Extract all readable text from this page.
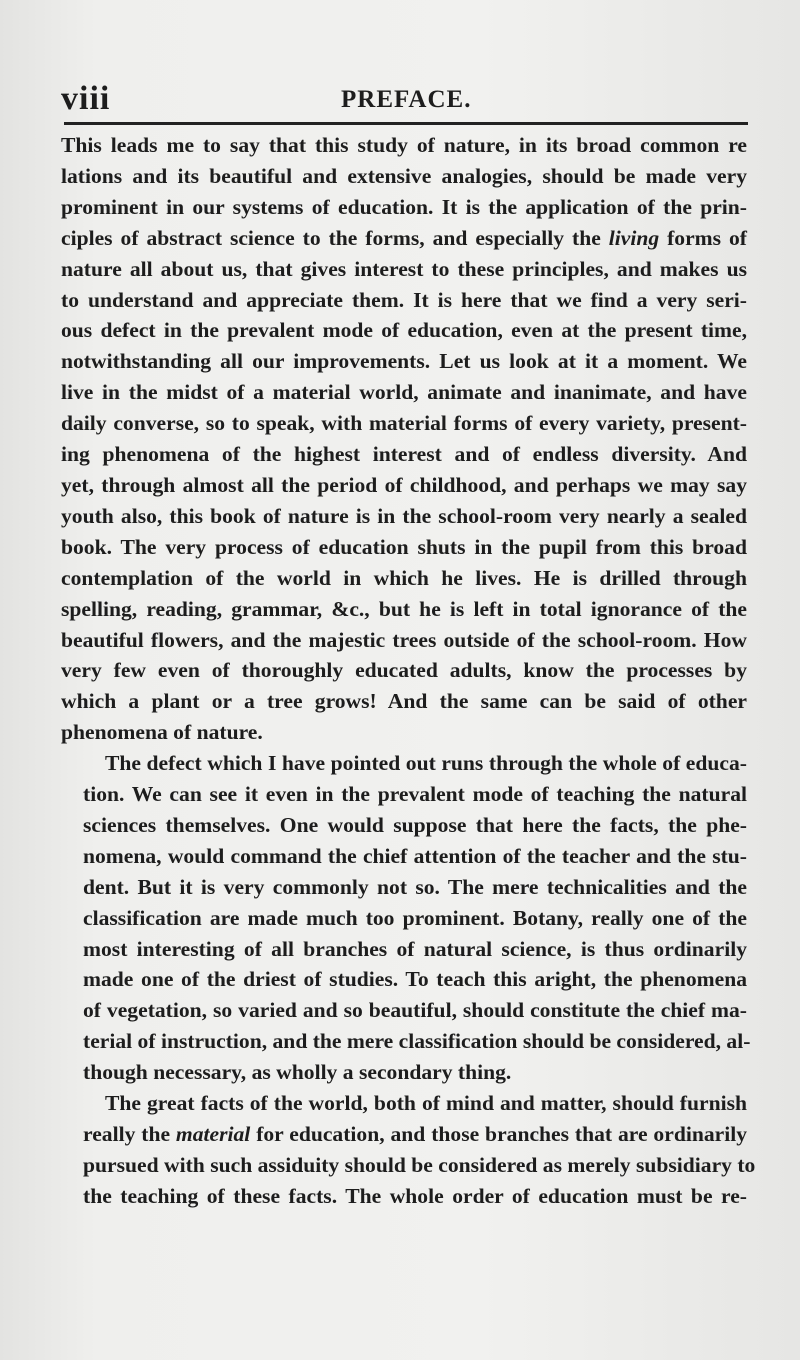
viii	PREFACE.

This leads me to say that this study of nature, in its broad common re
lations and its beautiful and extensive analogies, should be made very
prominent in our systems of education. It is the application of the prin-
ciples of abstract science to the forms, and especially the living forms of
nature all about us, that gives interest to these principles, and makes us
to understand and appreciate them. It is here that we find a very seri-
ous defect in the prevalent mode of education, even at the present time,
notwithstanding all our improvements. Let us look at it a moment. We
live in the midst of a material world, animate and inanimate, and have
daily converse, so to speak, with material forms of every variety, present-
ing phenomena of the highest interest and of endless diversity. And
yet, through almost all the period of childhood, and perhaps we may say
youth also, this book of nature is in the school-room very nearly a sealed
book. The very process of education shuts in the pupil from this broad
contemplation of the world in which he lives. He is drilled through
spelling, reading, grammar, &c., but he is left in total ignorance of the
beautiful flowers, and the majestic trees outside of the school-room. How
very few even of thoroughly educated adults, know the processes by
which a plant or a tree grows! And the same can be said of other
phenomena of nature.

The defect which I have pointed out runs through the whole of educa-
tion. We can see it even in the prevalent mode of teaching the natural
sciences themselves. One would suppose that here the facts, the phe-
nomena, would command the chief attention of the teacher and the stu-
dent. But it is very commonly not so. The mere technicalities and the
classification are made much too prominent. Botany, really one of the
most interesting of all branches of natural science, is thus ordinarily
made one of the driest of studies. To teach this aright, the phenomena
of vegetation, so varied and so beautiful, should constitute the chief ma-
terial of instruction, and the mere classification should be considered, al-
though necessary, as wholly a secondary thing.

The great facts of the world, both of mind and matter, should furnish
really the material for education, and those branches that are ordinarily
pursued with such assiduity should be considered as merely subsidiary to
the teaching of these facts. The whole order of education must be re-
